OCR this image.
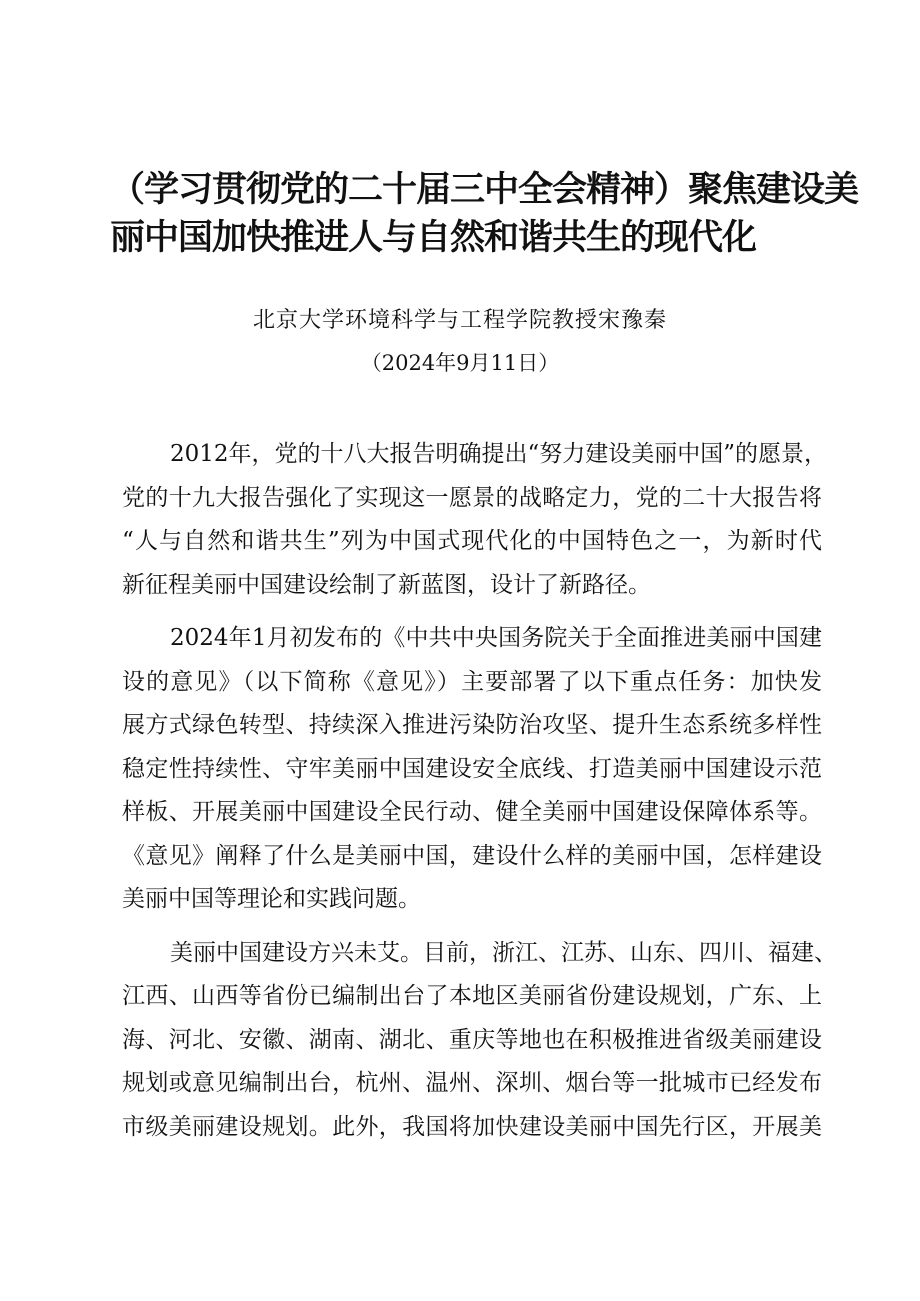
（学习贯彻党的二十届三中全会精神）聚焦建设美
丽中国加快推进人与自然和谐共生的现代化
北京大学环境科学与工程学院教授宋豫秦
（2024年9月11日）
2012年，党的十八大报告明确提出“努力建设美丽中国”的愿景，
党的十九大报告强化了实现这一愿景的战略定力，党的二十大报告将
“人与自然和谐共生”列为中国式现代化的中国特色之一，为新时代
新征程美丽中国建设绘制了新蓝图，设计了新路径。
2024年1月初发布的《中共中央国务院关于全面推进美丽中国建
设的意见》（以下简称《意见》）主要部署了以下重点任务：加快发
展方式绿色转型、持续深入推进污染防治攻坚、提升生态系统多样性
稳定性持续性、守牢美丽中国建设安全底线、打造美丽中国建设示范
样板、开展美丽中国建设全民行动、健全美丽中国建设保障体系等。
《意见》阐释了什么是美丽中国，建设什么样的美丽中国，怎样建设
美丽中国等理论和实践问题。
美丽中国建设方兴未艾。目前，浙江、江苏、山东、四川、福建、
江西、山西等省份已编制出台了本地区美丽省份建设规划，广东、上
海、河北、安徽、湖南、湖北、重庆等地也在积极推进省级美丽建设
规划或意见编制出台，杭州、温州、深圳、烟台等一批城市已经发布
市级美丽建设规划。此外，我国将加快建设美丽中国先行区，开展美
